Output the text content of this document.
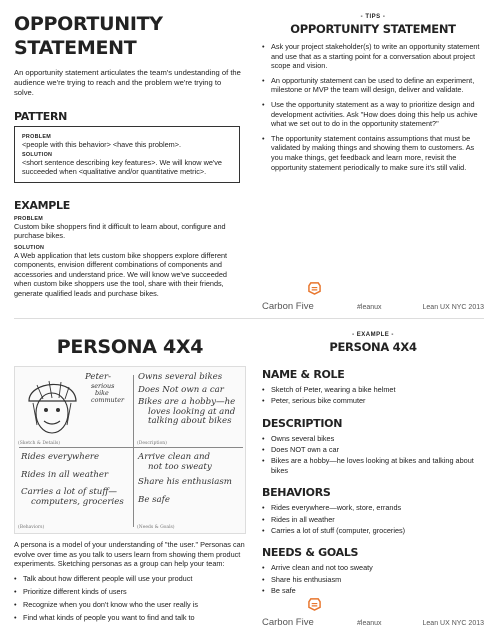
OPPORTUNITY STATEMENT

An opportunity statement articulates the team's undestanding of the audience we're trying to reach and the problem we're trying to solve.

PATTERN
PROBLEM
<people with this behavior> <have this problem>.
SOLUTION
<short sentence describing key features>. We will know we've succeeded when <qualitative and/or quantitative metric>.
EXAMPLE
PROBLEM
Custom bike shoppers find it difficult to learn about, configure and purchase bikes.
SOLUTION
A Web application that lets custom bike shoppers explore different components, envision different combinations of components and accessories and understand price. We will know we've succeeded when custom bike shoppers use the tool, share with their friends, generate qualified leads and purchase bikes.
- TIPS -
OPPORTUNITY STATEMENT
• Ask your project stakeholder(s) to write an opportunity statement and use that as a starting point for a conversation about project scope and vision.
• An opportunity statement can be used to define an experiment, milestone or MVP the team will design, deliver and validate.
• Use the opportunity statement as a way to prioritize design and development activities. Ask "How does doing this help us achive what we set out to do in the opportunity statement?"
• The opportunity statement contains assumptions that must be validated by making things and showing them to customers. As you make things, get feedback and learn more, revisit the opportunity statement periodically to make sure it's still valid.
Carbon Five	#leanux	Lean UX NYC 2013
PERSONA 4X4
Peter-
serious
bike
commuter
Owns several bikes
Does Not own a car
Bikes are a hobby—he
loves looking at and
talking about bikes
(Sketch & Details)	(Description)
Rides everywhere
Rides in all weather
Carries a lot of stuff—
computers, groceries
Arrive clean and
not too sweaty
Share his enthusiasm
Be safe
(Behaviors)	(Needs & Goals)

A persona is a model of your understanding of "the user." Personas can evolve over time as you talk to users learn from showing them product experiments. Sketching personas as a group can help your team:

• Talk about how different people will use your product
• Prioritize different kinds of users
• Recognize when you don't know who the user really is
• Find what kinds of people you want to find and talk to
- EXAMPLE -
PERSONA 4X4
NAME & ROLE
• Sketch of Peter, wearing a bike helmet
• Peter, serious bike commuter
DESCRIPTION
• Owns several bikes
• Does NOT own a car
• Bikes are a hobby—he loves looking at bikes and talking about bikes
BEHAVIORS
• Rides everywhere—work, store, errands
• Rides in all weather
• Carries a lot of stuff (computer, groceries)
NEEDS & GOALS
• Arrive clean and not too sweaty
• Share his enthusiasm
• Be safe
Carbon Five	#leanux	Lean UX NYC 2013
